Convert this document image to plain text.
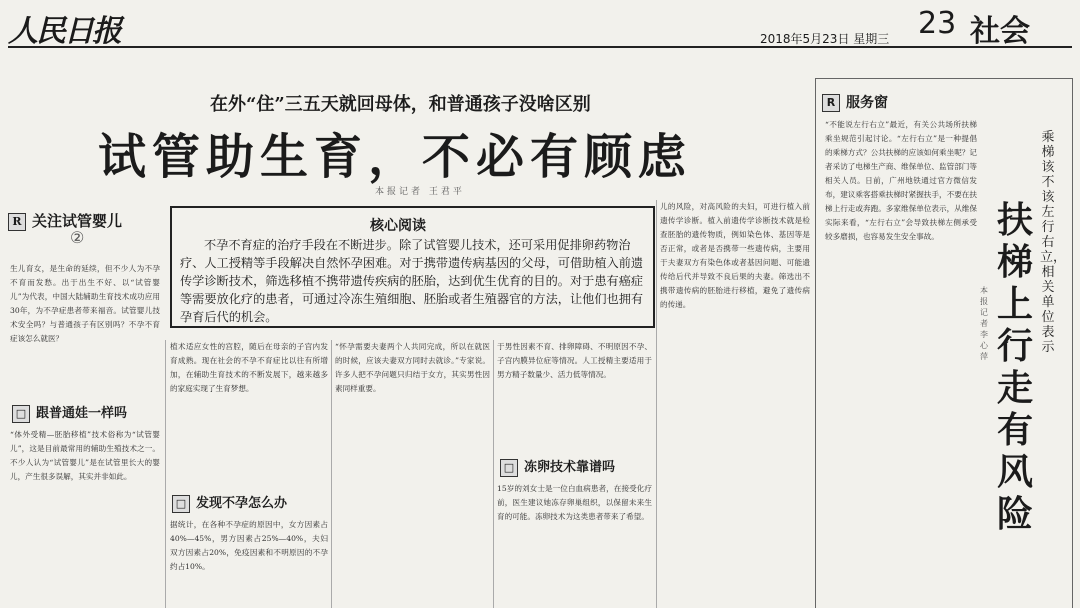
人民日报	2018年5月23日 星期三 23 社会
在外“住”三五天就回母体，和普通孩子没啥区别
试管助生育，不必有顾虑
本报记者 王君平
核心阅读
不孕不育症的治疗手段在不断进步。除了试管婴儿技术，还可采用促排卵药物治疗、人工授精等手段解决自然怀孕困难。对于携带遗传病基因的父母，可借助植入前遗传学诊断技术，筛选移植不携带遗传疾病的胚胎，达到优生优育的目的。对于患有癌症等需要放化疗的患者，可通过冷冻生殖细胞、胚胎或者生殖器官的方法，让他们也拥有孕育后代的机会。
R 关注试管婴儿
②
生儿育女，是生命的延续，但不少人为不孕不育而发愁。出于出生不好、以“试管婴儿”为代表，中国大陆辅助生育技术成功应用30年，为不孕症患者带来福音。试管婴儿技术安全吗？与普通孩子有区别吗？不孕不育症该怎么就医？
□ 跟普通娃一样吗
“体外受精—胚胎移植”技术俗称为“试管婴儿”，这是目前最常用的辅助生殖技术之一。不少人认为“试管婴儿”是在试管里长大的婴儿，产生很多误解，其实并非如此。
植术适应女性的宫腔，随后在母亲的子宫内发育成熟。现在社会的不孕不育症比以往有所增加，在辅助生育技术的不断发展下，越来越多的家庭实现了生育梦想。
□ 发现不孕怎么办
据统计，在各种不孕症的原因中，女方因素占40%—45%，男方因素占25%—40%，夫妇双方因素占20%，免疫因素和不明原因的不孕约占10%。
“怀孕需要夫妻两个人共同完成，所以在就医的时候，应该夫妻双方同时去就诊。”专家说。许多人把不孕问题只归结于女方，其实男性因素同样重要。
于男性因素不育、排卵障碍、不明原因不孕、子宫内膜异位症等情况。人工授精主要适用于男方精子数量少、活力低等情况。
□ 冻卵技术靠谱吗
15岁的刘女士是一位白血病患者，在接受化疗前，医生建议她冻存卵巢组织，以保留未来生育的可能。冻卵技术为这类患者带来了希望。
儿的风险，对高风险的夫妇，可进行植入前遗传学诊断。植入前遗传学诊断技术就是检查胚胎的遗传物质，例如染色体、基因等是否正常，或者是否携带一些遗传病，主要用于夫妻双方有染色体或者基因问题、可能遗传给后代并导致不良后果的夫妻。筛选出不携带遗传病的胚胎进行移植，避免了遗传病的传递。
R 服务窗
“不能说左行右立”最近，有关公共场所扶梯乘坐规范引起讨论。“左行右立”是一种提倡的乘梯方式？公共扶梯的应该如何乘坐呢？记者采访了电梯生产商、维保单位、监管部门等相关人员。日前，广州地铁通过官方微信发布，建议乘客搭乘扶梯时紧握扶手，不要在扶梯上行走或奔跑。多家维保单位表示，从维保实际来看，“左行右立”会导致扶梯左侧承受较多磨损，也容易发生安全事故。
乘梯该不该左行右立，相关单位表示
扶梯上行走有风险
本报记者 李心萍
